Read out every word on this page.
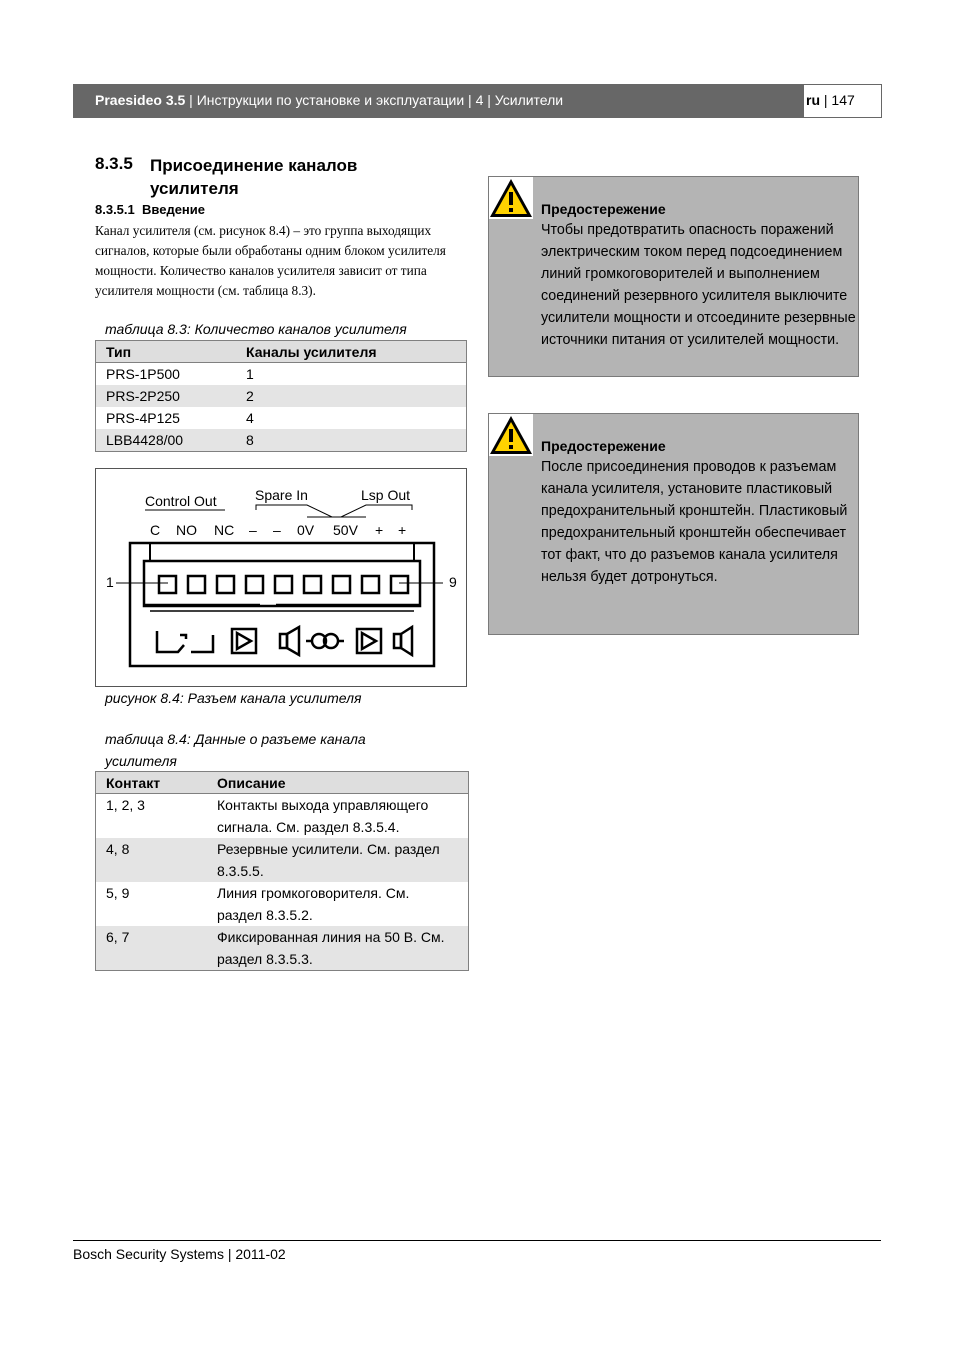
Praesideo 3.5 | Инструкции по установке и эксплуатации | 4 | Усилители	ru | 147
8.3.5 Присоединение каналов усилителя
8.3.5.1 Введение
Канал усилителя (см. рисунок 8.4) – это группа выходящих сигналов, которые были обработаны одним блоком усилителя мощности. Количество каналов усилителя зависит от типа усилителя мощности (см. таблица 8.3).
таблица 8.3: Количество каналов усилителя
Тип	Каналы усилителя
PRS-1P500	1
PRS-2P250	2
PRS-4P125	4
LBB4428/00	8
Control Out	Spare In	Lsp Out
C NO NC – – 0V 50V + +
1	9
рисунок 8.4: Разъем канала усилителя
таблица 8.4: Данные о разъеме канала усилителя
Контакт	Описание
1, 2, 3	Контакты выхода управляющего сигнала. См. раздел 8.3.5.4.
4, 8	Резервные усилители. См. раздел 8.3.5.5.
5, 9	Линия громкоговорителя. См. раздел 8.3.5.2.
6, 7	Фиксированная линия на 50 В. См. раздел 8.3.5.3.
Предостережение
Чтобы предотвратить опасность поражений электрическим током перед подсоединением линий громкоговорителей и выполнением соединений резервного усилителя выключите усилители мощности и отсоедините резервные источники питания от усилителей мощности.
Предостережение
После присоединения проводов к разъемам канала усилителя, установите пластиковый предохранительный кронштейн. Пластиковый предохранительный кронштейн обеспечивает тот факт, что до разъемов канала усилителя нельзя будет дотронуться.
Bosch Security Systems | 2011-02
